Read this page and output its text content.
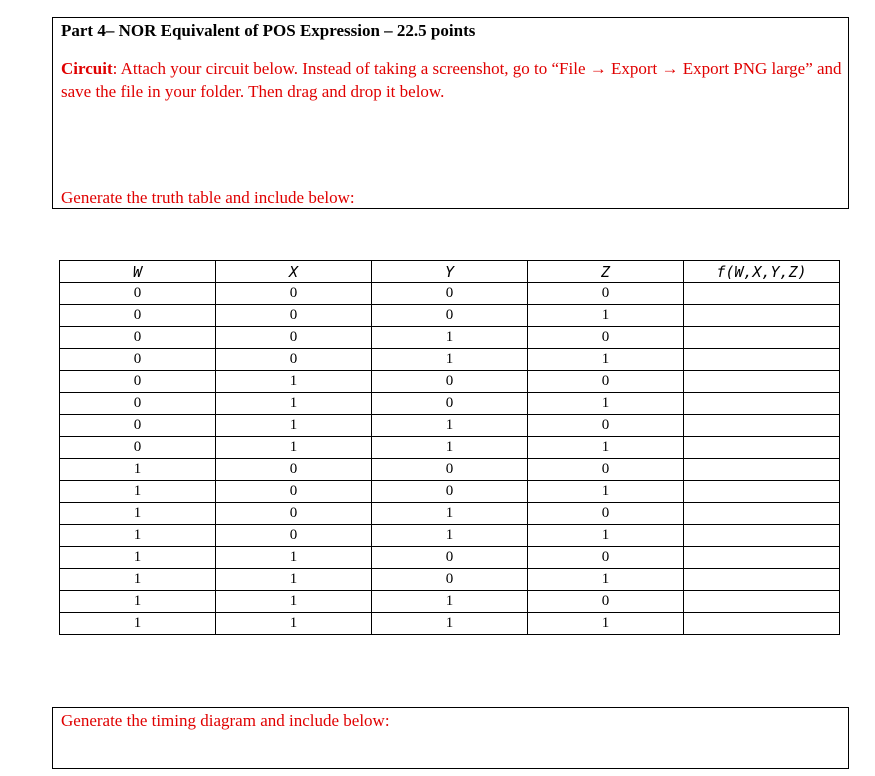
Part 4– NOR Equivalent of POS Expression – 22.5 points
Circuit: Attach your circuit below. Instead of taking a screenshot, go to “File → Export → Export PNG large” and save the file in your folder. Then drag and drop it below.
Generate the truth table and include below:
W	X	Y	Z	f(W,X,Y,Z)
0	0	0	0	
0	0	0	1	
0	0	1	0	
0	0	1	1	
0	1	0	0	
0	1	0	1	
0	1	1	0	
0	1	1	1	
1	0	0	0	
1	0	0	1	
1	0	1	0	
1	0	1	1	
1	1	0	0	
1	1	0	1	
1	1	1	0	
1	1	1	1	
Generate the timing diagram and include below:
